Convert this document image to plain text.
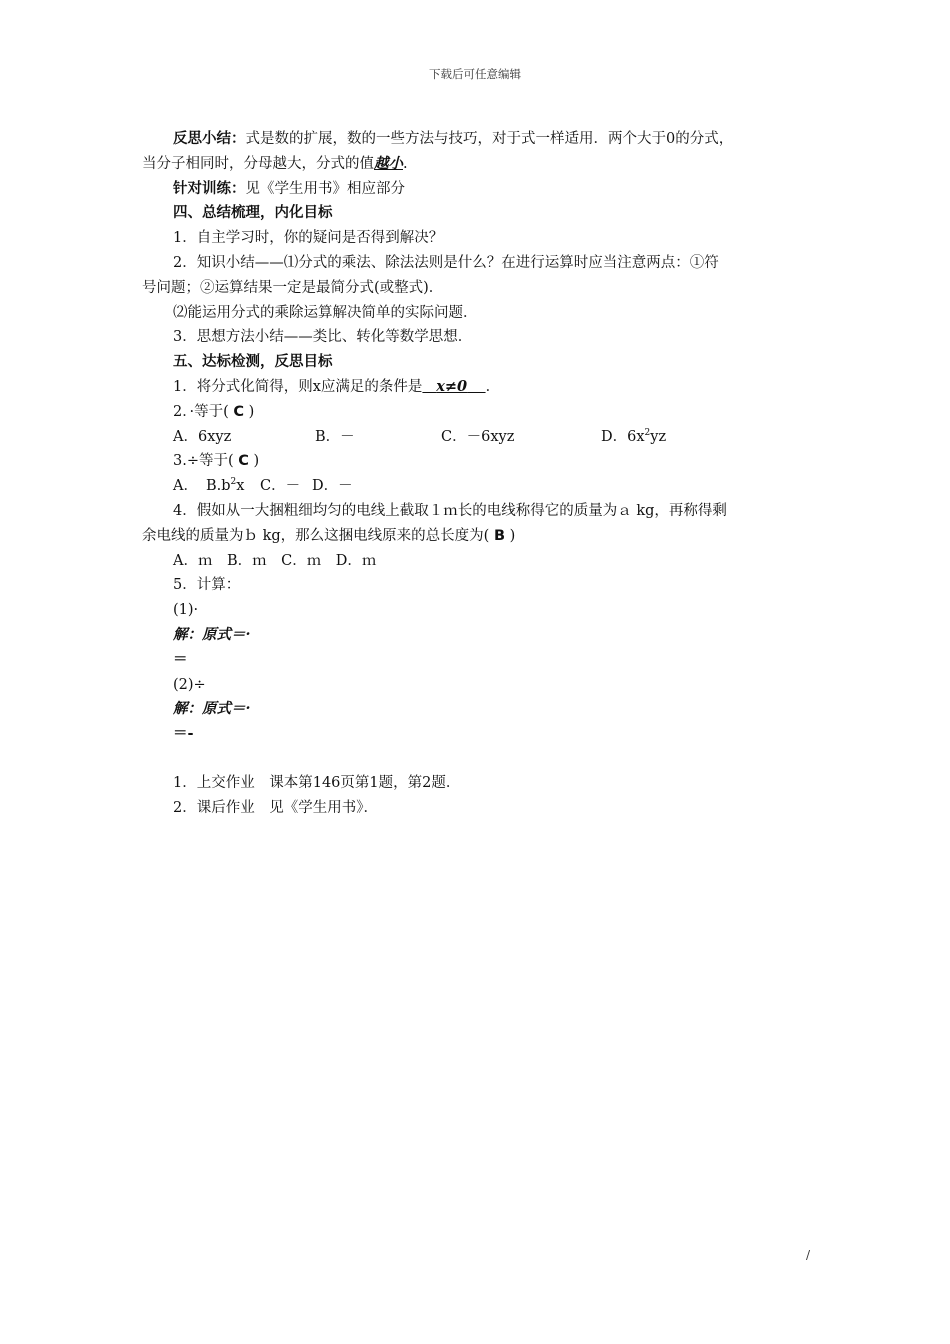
下载后可任意编辑
反思小结：式是数的扩展，数的一些方法与技巧，对于式一样适用．两个大于0的分式，
当分子相同时，分母越大，分式的值越小.
针对训练：见《学生用书》相应部分
四、总结梳理，内化目标
1．自主学习时，你的疑问是否得到解决？
2．知识小结——⑴分式的乘法、除法法则是什么？在进行运算时应当注意两点：①符
号问题；②运算结果一定是最简分式(或整式)．
⑵能运用分式的乘除运算解决简单的实际问题．
3．思想方法小结——类比、转化等数学思想．
五、达标检测，反思目标
1．将分式化简得，则x应满足的条件是 x≠0 ．
2．·等于( C )
A．6xyz	B．－	C．－6xyz	D．$6x^2yz$
3.÷等于( C )
A． $B.b^2x$ C．－ D．－
4．假如从一大捆粗细均匀的电线上截取１ｍ长的电线称得它的质量为ａ kg，再称得剩
余电线的质量为ｂ kg，那么这捆电线原来的总长度为( B )
A．ｍ　B．ｍ　C．ｍ　D．ｍ
5．计算：
(1)·
解：原式＝·
＝
(2)÷
解：原式＝·
＝-
1．上交作业　课本第146页第1题，第2题．
2．课后作业　见《学生用书》．
/
